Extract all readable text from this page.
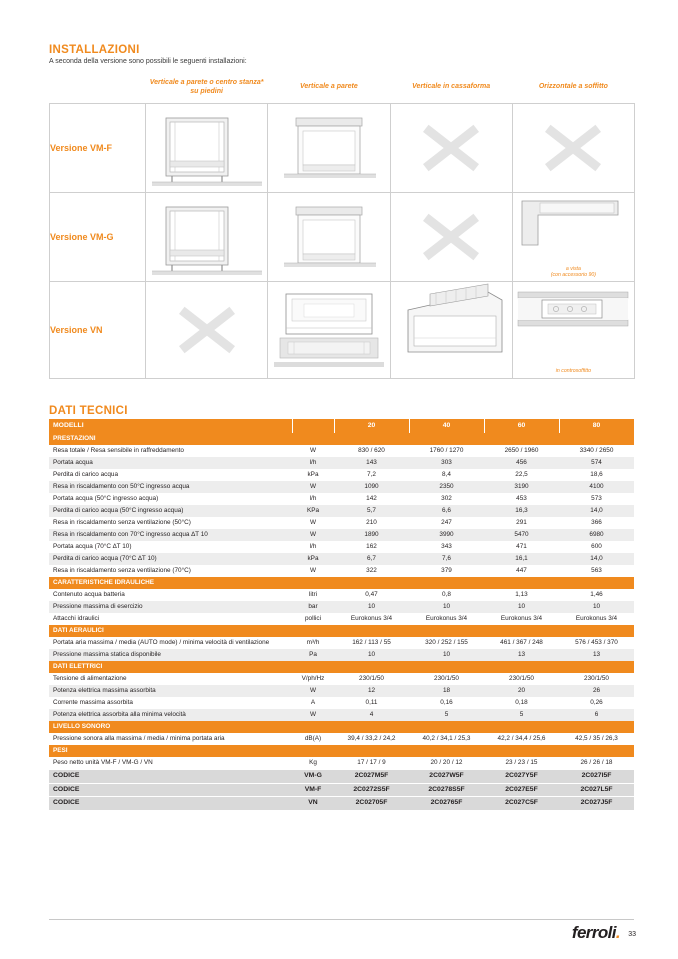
INSTALLAZIONI
A seconda della versione sono possibili le seguenti installazioni:
	Verticale a parete o centro stanza* su piedini	Verticale a parete	Verticale in cassaforma	Orizzontale a soffitto
Versione VM-F	

Versione VM-G				a vista
(con accessorio 90)

Versione VN				in controsoffitto
DATI TECNICI
MODELLI		20	40	60	80
PRESTAZIONI					
Resa totale / Resa sensibile in raffreddamento	W	830 / 620	1760 / 1270	2650 / 1960	3340 / 2650
Portata acqua	l/h	143	303	456	574
Perdita di carico acqua	kPa	7,2	8,4	22,5	18,6
Resa in riscaldamento con 50°C ingresso acqua	W	1090	2350	3190	4100
Portata acqua (50°C ingresso acqua)	l/h	142	302	453	573
Perdita di carico acqua (50°C ingresso acqua)	KPa	5,7	6,6	16,3	14,0
Resa in riscaldamento senza ventilazione (50°C)	W	210	247	291	366
Resa in riscaldamento con 70°C ingresso acqua ∆T 10	W	1890	3990	5470	6980
Portata acqua (70°C ∆T 10)	l/h	162	343	471	600
Perdita di carico acqua (70°C ∆T 10)	kPa	6,7	7,6	16,1	14,0
Resa in riscaldamento senza ventilazione (70°C)	W	322	379	447	563
CARATTERISTICHE IDRAULICHE					
Contenuto acqua batteria	litri	0,47	0,8	1,13	1,46
Pressione massima di esercizio	bar	10	10	10	10
Attacchi idraulici	pollici	Eurokonus 3/4	Eurokonus 3/4	Eurokonus 3/4	Eurokonus 3/4
DATI AERAULICI					
Portata aria massima / media (AUTO mode) / minima velocità di ventilazione	m³/h	162 / 113 / 55	320 / 252 / 155	461 / 367 / 248	576 / 453 / 370
Pressione massima statica disponibile	Pa	10	10	13	13
DATI ELETTRICI					
Tensione di alimentazione	V/ph/Hz	230/1/50	230/1/50	230/1/50	230/1/50
Potenza elettrica massima assorbita	W	12	18	20	26
Corrente massima assorbita	A	0,11	0,16	0,18	0,26
Potenza elettrica assorbita alla minima velocità	W	4	5	5	6
LIVELLO SONORO					
Pressione sonora alla massima / media / minima portata aria	dB(A)	39,4 / 33,2 / 24,2	40,2 / 34,1 / 25,3	42,2 / 34,4 / 25,6	42,5 / 35 / 26,3
PESI					
Peso netto unità VM-F / VM-G / VN	Kg	17 / 17 / 9	20 / 20 / 12	23 / 23 / 15	26 / 26 / 18
CODICE	VM-G	2C027M5F	2C027W5F	2C027Y5F	2C027I5F
CODICE	VM-F	2C0272S5F	2C0278S5F	2C027E5F	2C027L5F
CODICE	VN	2C02705F	2C02765F	2C027C5F	2C027J5F
ferroli. 33
